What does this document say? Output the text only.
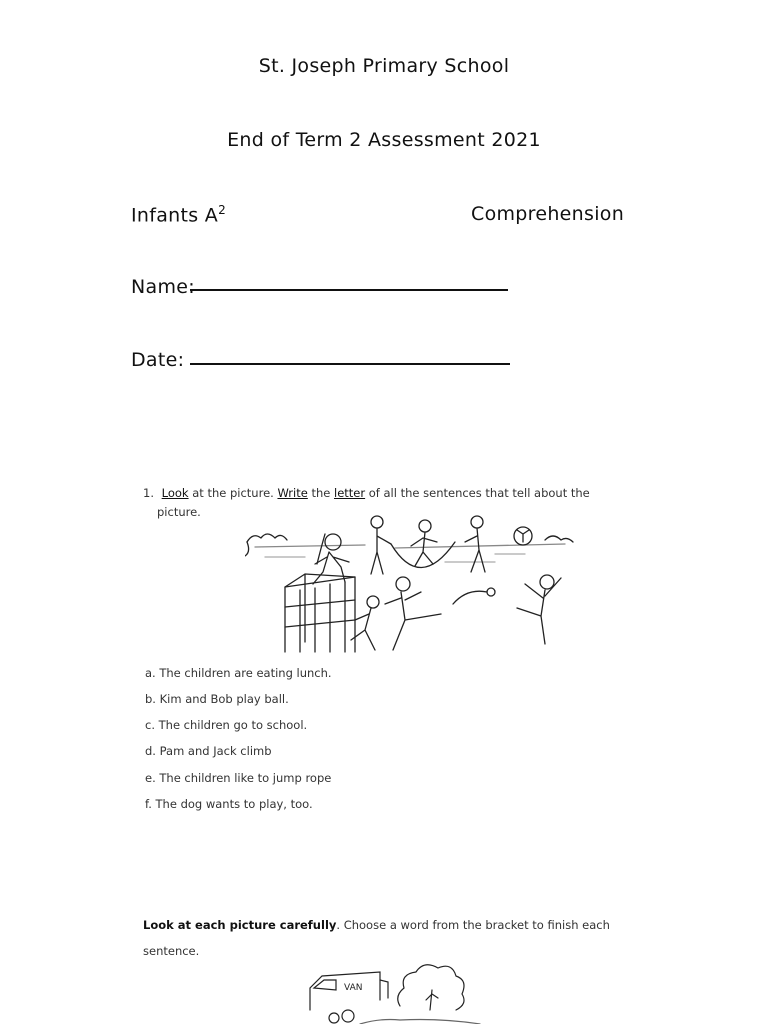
St. Joseph Primary School
End of Term 2 Assessment 2021
Infants $A^2$	Comprehension
Name:
Date:
1. Look at the picture. Write the letter of all the sentences that tell about the
picture.
a. The children are eating lunch.
b. Kim and Bob play ball.
c. The children go to school.
d. Pam and Jack climb
e. The children like to jump rope
f. The dog wants to play, too.
Look at each picture carefully. Choose a word from the bracket to finish each
sentence.
VAN
